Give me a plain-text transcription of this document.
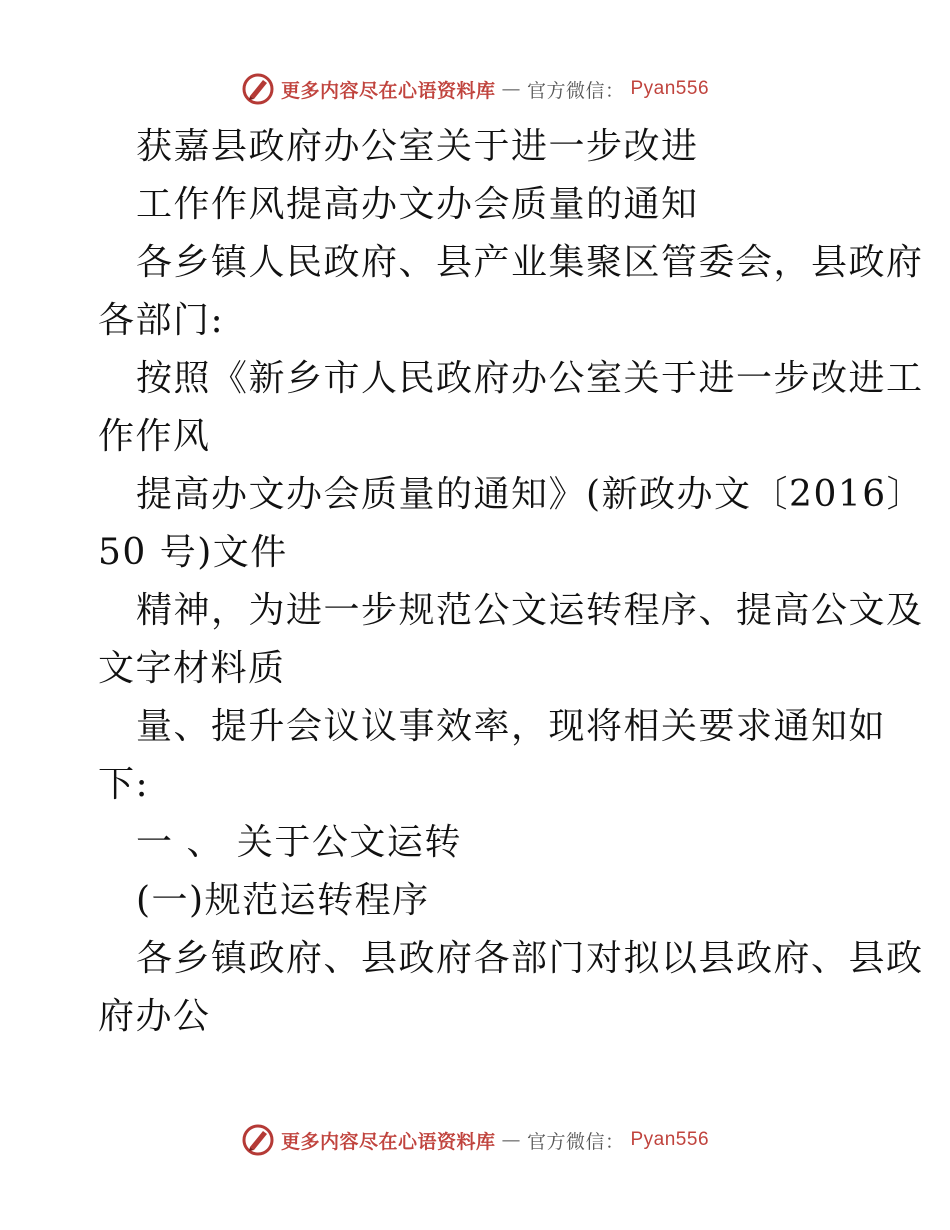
更多内容尽在心语资料库 — 官方微信： Pyan556
获嘉县政府办公室关于进一步改进
工作作风提高办文办会质量的通知
各乡镇人民政府、县产业集聚区管委会，县政府
各部门:
按照《新乡市人民政府办公室关于进一步改进工
作作风
提高办文办会质量的通知》(新政办文〔2016〕
50 号)文件
精神，为进一步规范公文运转程序、提高公文及
文字材料质
量、提升会议议事效率，现将相关要求通知如
下:
一 、 关于公文运转
(一)规范运转程序
各乡镇政府、县政府各部门对拟以县政府、县政
府办公
更多内容尽在心语资料库 — 官方微信： Pyan556
